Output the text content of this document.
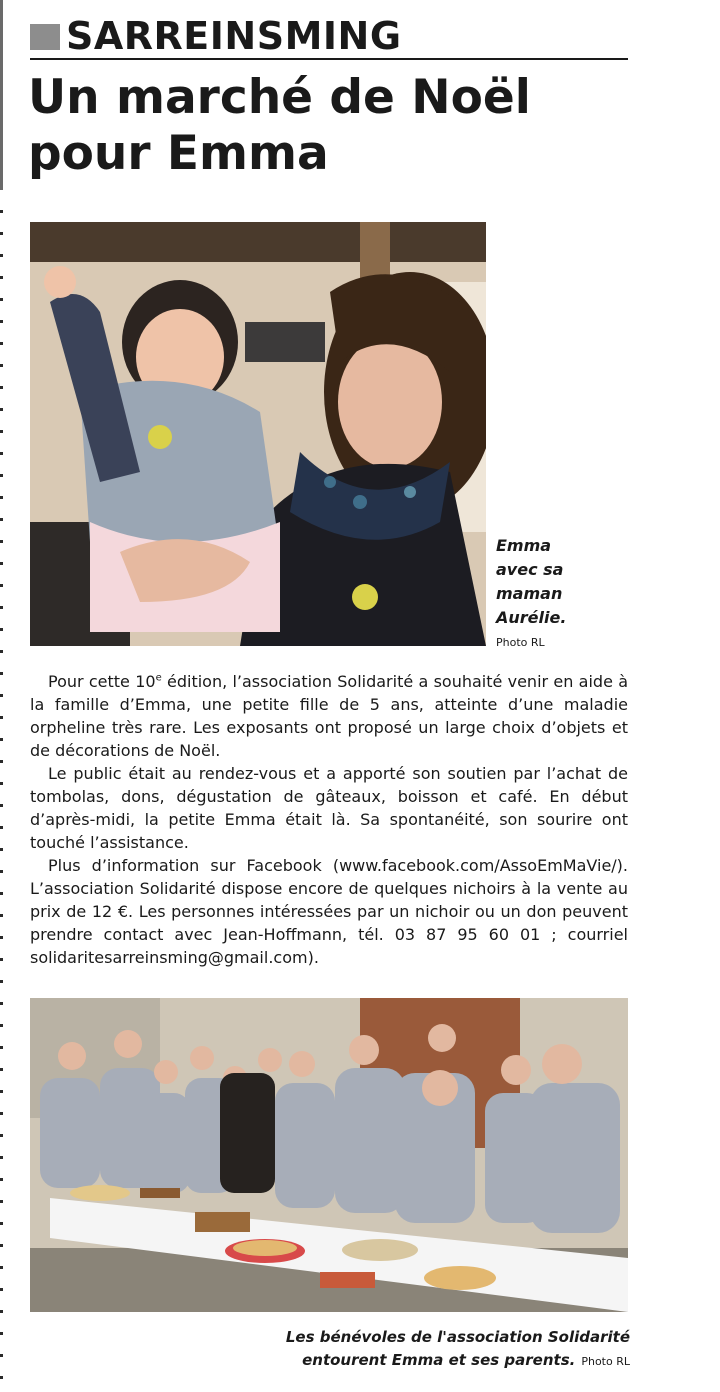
SARREINSMING
Un marché de Noël
pour Emma
Emma
avec sa
maman
Aurélie.
Photo RL

Pour cette 10e édition, l’association Solidarité a souhaité venir en aide à la famille d’Emma, une petite fille de 5 ans, atteinte d’une maladie orpheline très rare. Les exposants ont proposé un large choix d’objets et de décorations de Noël.

Le public était au rendez-vous et a apporté son soutien par l’achat de tombolas, dons, dégustation de gâteaux, boisson et café. En début d’après-midi, la petite Emma était là. Sa spontanéité, son sourire ont touché l’assistance.

Plus d’information sur Facebook (www.facebook.com/AssoEmMaVie/). L’association Solidarité dispose encore de quelques nichoirs à la vente au prix de 12 €. Les personnes intéressées par un nichoir ou un don peuvent prendre contact avec Jean-Hoffmann, tél. 03 87 95 60 01 ; courriel solidaritesarreinsming@gmail.com).

Les bénévoles de l'association Solidarité
entourent Emma et ses parents. Photo RL
